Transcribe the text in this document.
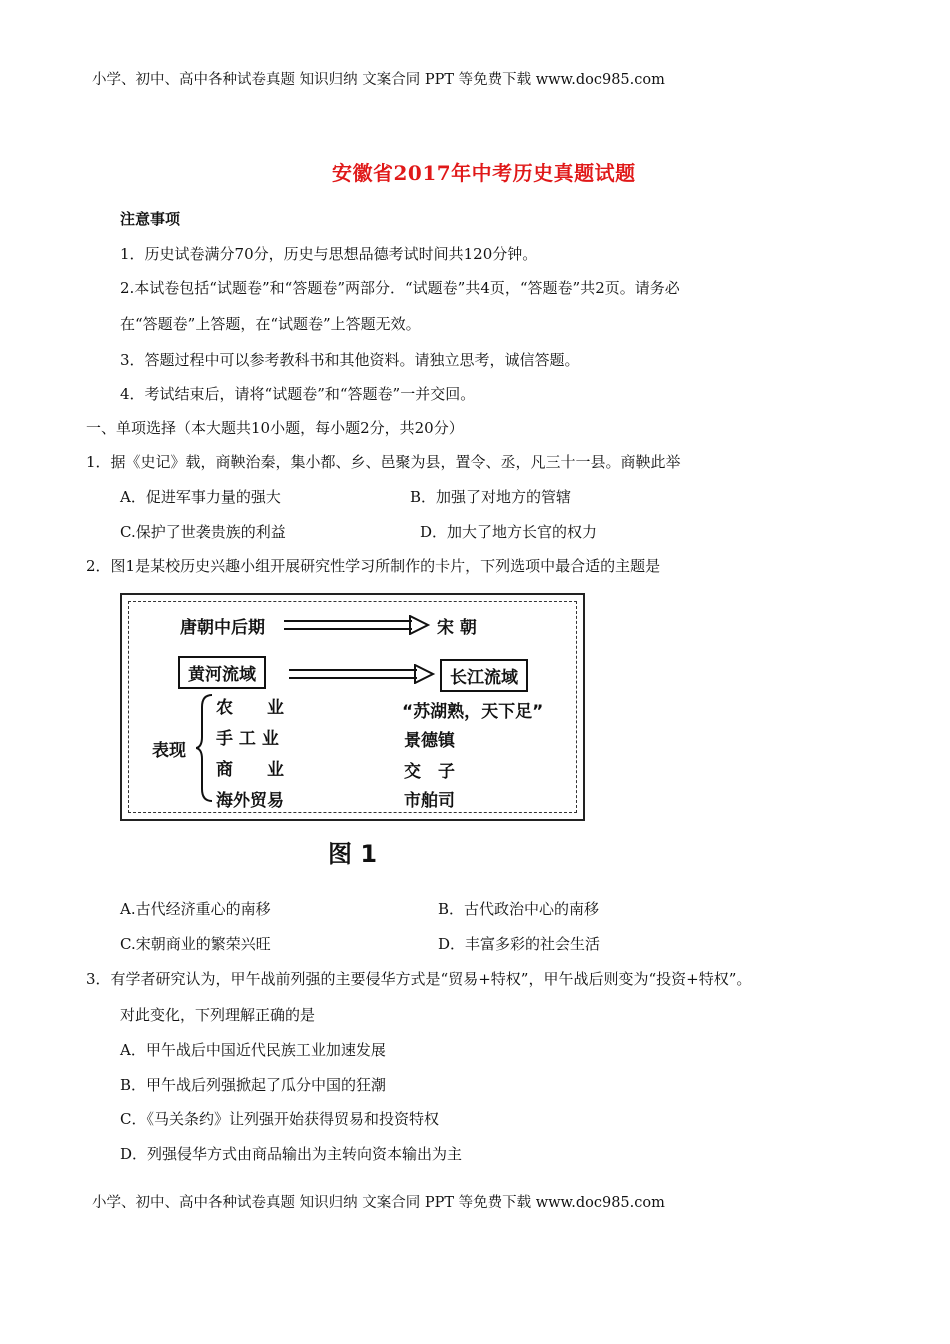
小学、初中、高中各种试卷真题 知识归纳 文案合同 PPT 等免费下载 www.doc985.com
安徽省2017年中考历史真题试题
注意事项
1．历史试卷满分70分，历史与思想品德考试时间共120分钟。
2.本试卷包括“试题卷”和“答题卷”两部分．“试题卷”共4页，“答题卷”共2页。请务必
在“答题卷”上答题，在“试题卷”上答题无效。
3．答题过程中可以参考教科书和其他资料。请独立思考，诚信答题。
4．考试结束后，请将“试题卷”和“答题卷”一并交回。
一、单项选择（本大题共10小题，每小题2分，共20分）
1．据《史记》载，商鞅治秦，集小都、乡、邑聚为县，置令、丞，凡三十一县。商鞅此举
A．促进军事力量的强大	B．加强了对地方的管辖
C.保护了世袭贵族的利益	D．加大了地方长官的权力
2．图1是某校历史兴趣小组开展研究性学习所制作的卡片，下列选项中最合适的主题是
唐朝中后期	宋 朝
黄河流域	长江流域
表现
农　　业
手 工 业
商　　业
海外贸易
“苏湖熟，天下足”
景德镇
交　子
市舶司
图 1
A.古代经济重心的南移	B．古代政治中心的南移
C.宋朝商业的繁荣兴旺	D．丰富多彩的社会生活
3．有学者研究认为，甲午战前列强的主要侵华方式是“贸易+特权”，甲午战后则变为“投资+特权”。
对此变化，下列理解正确的是
A．甲午战后中国近代民族工业加速发展
B．甲午战后列强掀起了瓜分中国的狂潮
C．《马关条约》让列强开始获得贸易和投资特权
D．列强侵华方式由商品输出为主转向资本输出为主
小学、初中、高中各种试卷真题 知识归纳 文案合同 PPT 等免费下载 www.doc985.com
